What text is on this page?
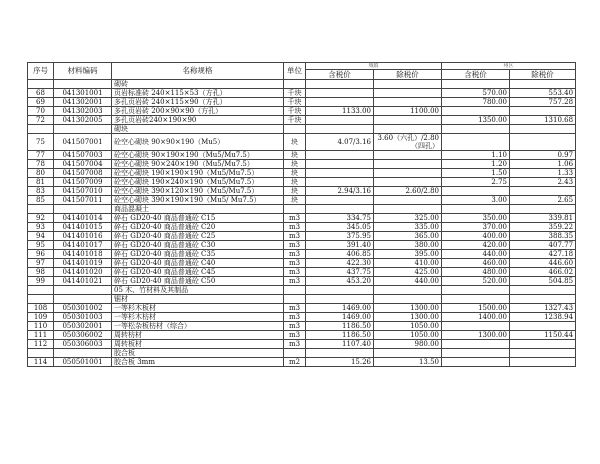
序号	材料编码	名称规格	单位	城镇		州区	
				含税价	除税价	含税价	除税价
		砌砖					
68	041301001	页岩标准砖 240×115×53（方孔）	千块			570.00	553.40
69	041302001	多孔页岩砖 240×115×90（方孔）	千块			780.00	757.28
70	041302003	多孔页岩砖 200×90×90（方孔）	千块	1133.00	1100.00		
72	041302005	多孔页岩砖240×190×90	千块			1350.00	1310.68
		砌块					
75	041507001	砼空心砌块 90×90×190（Mu5）	块	4.07/3.16	3.60（六孔）/2.80（四孔）		
77	041507003	砼空心砌块 90×190×190（Mu5/Mu7.5）	块			1.10	0.97
78	041507004	砼空心砌块 90×240×190（Mu5/Mu7.5）	块			1.20	1.06
80	041507008	砼空心砌块 190×190×190（Mu5/Mu7.5）	块			1.50	1.33
81	041507009	砼空心砌块 190×240×190（Mu5/Mu7.5）	块			2.75	2.43
83	041507010	砼空心砌块 390×120×190（Mu5/Mu7.5）	块	2.94/3.16	2.60/2.80		
85	041507011	砼空心砌块 390×190×190（Mu5/ Mu7.5）	块			3.00	2.65
		商品混凝土					
92	041401014	碎石 GD20-40 商品普通砼 C15	m3	334.75	325.00	350.00	339.81
93	041401015	碎石 GD20-40 商品普通砼 C20	m3	345.05	335.00	370.00	359.22
94	041401016	碎石 GD20-40 商品普通砼 C25	m3	375.95	365.00	400.00	388.35
95	041401017	碎石 GD20-40 商品普通砼 C30	m3	391.40	380.00	420.00	407.77
96	041401018	碎石 GD20-40 商品普通砼 C35	m3	406.85	395.00	440.00	427.18
97	041401019	碎石 GD20-40 商品普通砼 C40	m3	422.30	410.00	460.00	446.60
98	041401020	碎石 GD20-40 商品普通砼 C45	m3	437.75	425.00	480.00	466.02
99	041401021	碎石 GD20-40 商品普通砼 C50	m3	453.20	440.00	520.00	504.85
		05 木、竹材料及其制品					
		锯材					
108	050301002	一等杉木板材	m3	1469.00	1300.00	1500.00	1327.43
109	050301003	一等杉木枋材	m3	1469.00	1300.00	1400.00	1238.94
110	050302001	一等松杂板枋材（综合）	m3	1186.50	1050.00		
111	050306002	周转枋材	m3	1186.50	1050.00	1300.00	1150.44
112	050306003	周转板材	m3	1107.40	980.00		
		胶合板					
114	050501001	胶合板 3mm	m2	15.26	13.50		
